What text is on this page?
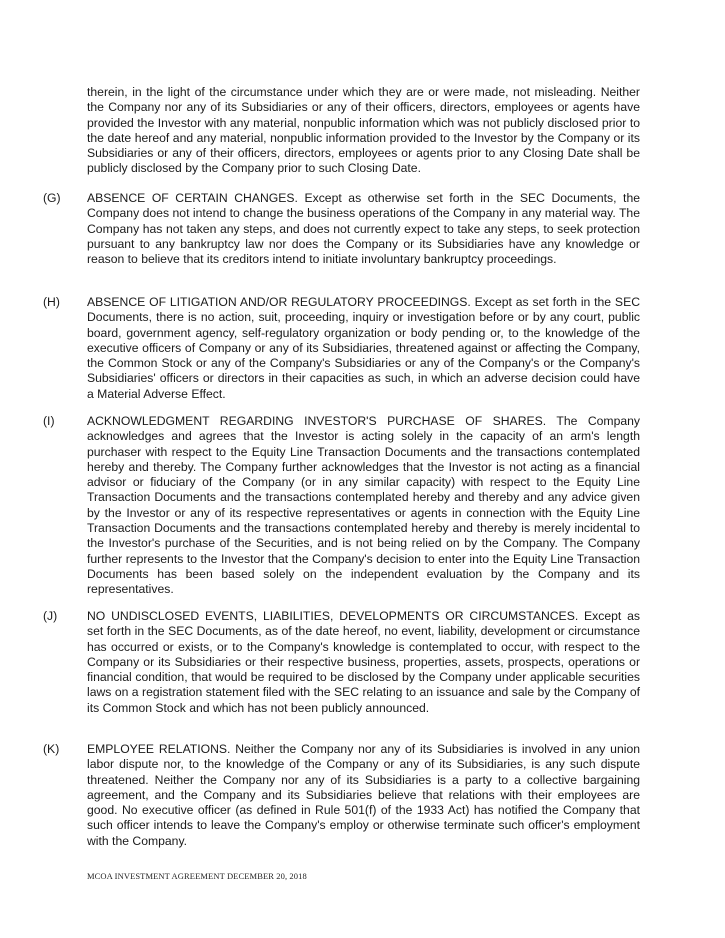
therein, in the light of the circumstance under which they are or were made, not misleading. Neither the Company nor any of its Subsidiaries or any of their officers, directors, employees or agents have provided the Investor with any material, nonpublic information which was not publicly disclosed prior to the date hereof and any material, nonpublic information provided to the Investor by the Company or its Subsidiaries or any of their officers, directors, employees or agents prior to any Closing Date shall be publicly disclosed by the Company prior to such Closing Date.
(G) ABSENCE OF CERTAIN CHANGES. Except as otherwise set forth in the SEC Documents, the Company does not intend to change the business operations of the Company in any material way. The Company has not taken any steps, and does not currently expect to take any steps, to seek protection pursuant to any bankruptcy law nor does the Company or its Subsidiaries have any knowledge or reason to believe that its creditors intend to initiate involuntary bankruptcy proceedings.
(H) ABSENCE OF LITIGATION AND/OR REGULATORY PROCEEDINGS. Except as set forth in the SEC Documents, there is no action, suit, proceeding, inquiry or investigation before or by any court, public board, government agency, self-regulatory organization or body pending or, to the knowledge of the executive officers of Company or any of its Subsidiaries, threatened against or affecting the Company, the Common Stock or any of the Company's Subsidiaries or any of the Company's or the Company's Subsidiaries' officers or directors in their capacities as such, in which an adverse decision could have a Material Adverse Effect.
(I)	ACKNOWLEDGMENT REGARDING INVESTOR'S PURCHASE OF SHARES. The Company acknowledges and agrees that the Investor is acting solely in the capacity of an arm's length purchaser with respect to the Equity Line Transaction Documents and the transactions contemplated hereby and thereby. The Company further acknowledges that the Investor is not acting as a financial advisor or fiduciary of the Company (or in any similar capacity) with respect to the Equity Line Transaction Documents and the transactions contemplated hereby and thereby and any advice given by the Investor or any of its respective representatives or agents in connection with the Equity Line Transaction Documents and the transactions contemplated hereby and thereby is merely incidental to the Investor's purchase of the Securities, and is not being relied on by the Company. The Company further represents to the Investor that the Company's decision to enter into the Equity Line Transaction Documents has been based solely on the independent evaluation by the Company and its representatives.
(J) NO UNDISCLOSED EVENTS, LIABILITIES, DEVELOPMENTS OR CIRCUMSTANCES. Except as set forth in the SEC Documents, as of the date hereof, no event, liability, development or circumstance has occurred or exists, or to the Company's knowledge is contemplated to occur, with respect to the Company or its Subsidiaries or their respective business, properties, assets, prospects, operations or financial condition, that would be required to be disclosed by the Company under applicable securities laws on a registration statement filed with the SEC relating to an issuance and sale by the Company of its Common Stock and which has not been publicly announced.
(K) EMPLOYEE RELATIONS. Neither the Company nor any of its Subsidiaries is involved in any union labor dispute nor, to the knowledge of the Company or any of its Subsidiaries, is any such dispute threatened. Neither the Company nor any of its Subsidiaries is a party to a collective bargaining agreement, and the Company and its Subsidiaries believe that relations with their employees are good. No executive officer (as defined in Rule 501(f) of the 1933 Act) has notified the Company that such officer intends to leave the Company's employ or otherwise terminate such officer's employment with the Company.
MCOA INVESTMENT AGREEMENT DECEMBER 20, 2018
